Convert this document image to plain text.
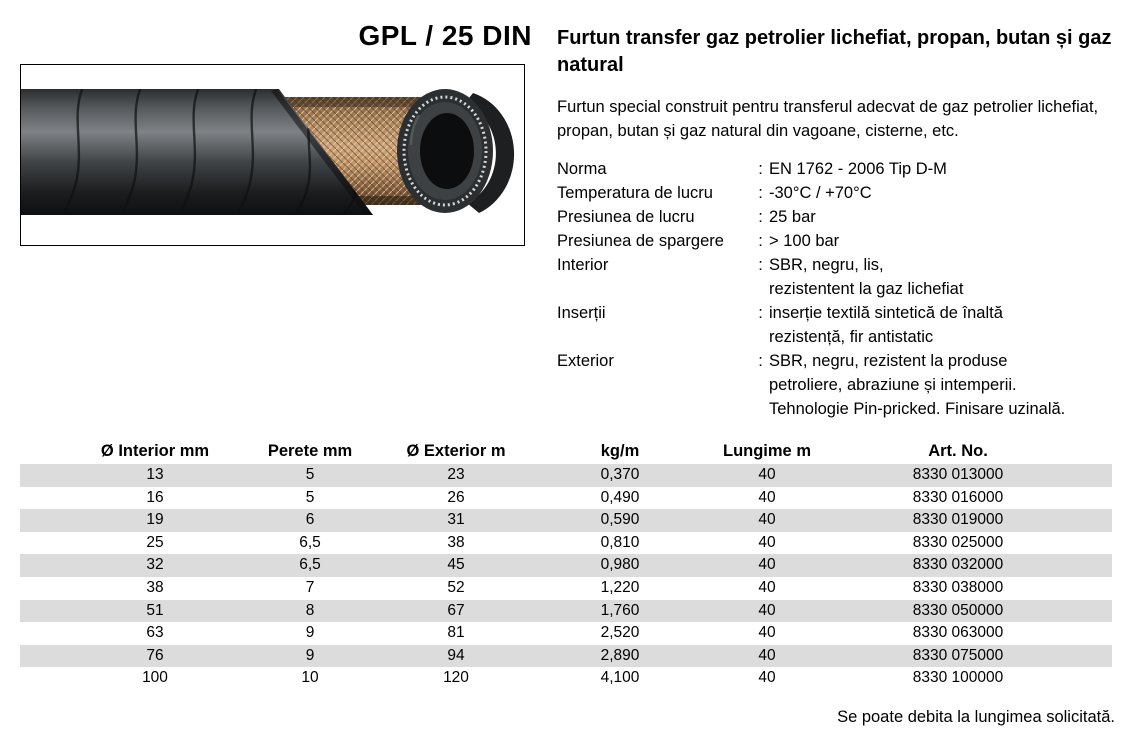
GPL / 25 DIN Furtun transfer gaz petrolier lichefiat, propan, butan și gaz natural

Furtun special construit pentru transferul adecvat de gaz petrolier lichefiat, propan, butan și gaz natural din vagoane, cisterne, etc.

Norma	: EN 1762 - 2006 Tip D-M
Temperatura de lucru	: -30°C / +70°C
Presiunea de lucru	: 25 bar
Presiunea de spargere	: > 100 bar
Interior	: SBR, negru, lis,
rezistentent la gaz lichefiat
Inserții	: inserție textilă sintetică de înaltă
rezistență, fir antistatic
Exterior	: SBR, negru, rezistent la produse
petroliere, abraziune și intemperii.
Tehnologie Pin-pricked. Finisare uzinală.
Ø Interior mm	Perete mm	Ø Exterior m	kg/m	Lungime m	Art. No.
13	5	23	0,370	40	8330 013000
16	5	26	0,490	40	8330 016000
19	6	31	0,590	40	8330 019000
25	6,5	38	0,810	40	8330 025000
32	6,5	45	0,980	40	8330 032000
38	7	52	1,220	40	8330 038000
51	8	67	1,760	40	8330 050000
63	9	81	2,520	40	8330 063000
76	9	94	2,890	40	8330 075000
100	10	120	4,100	40	8330 100000
Se poate debita la lungimea solicitată.
